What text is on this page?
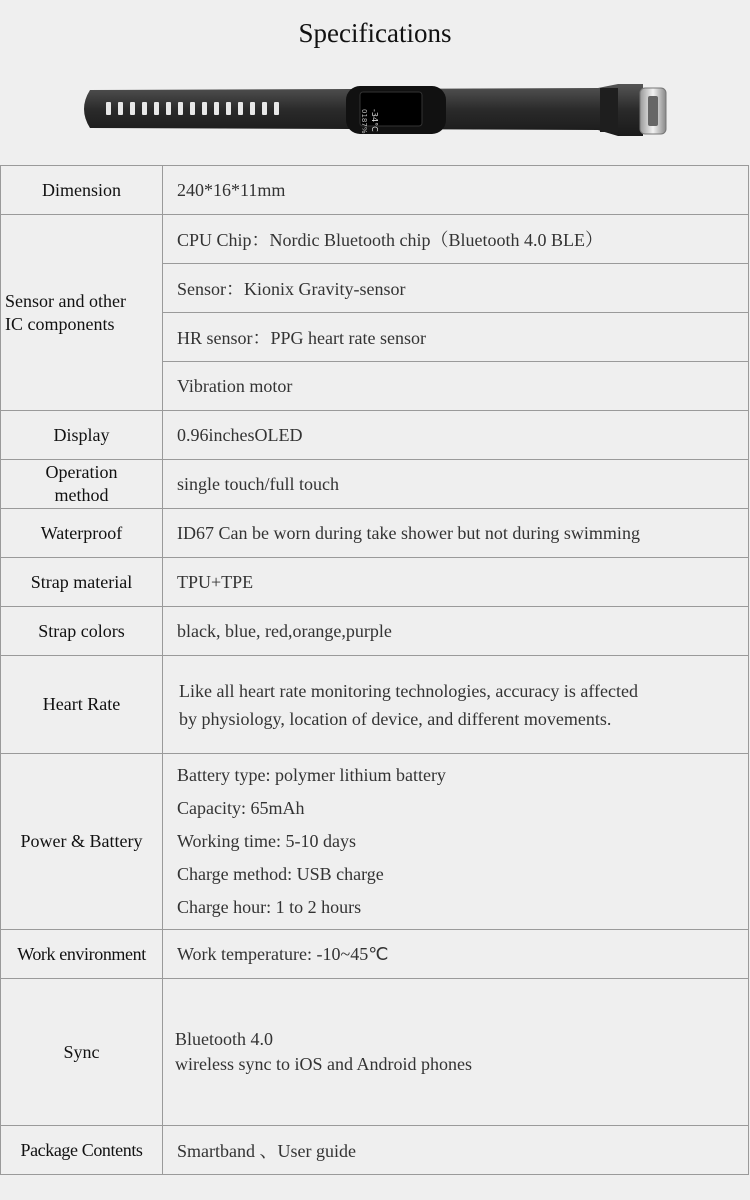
Specifications
-34°C
0187%
Dimension	240*16*11mm

Sensor and other
IC components	CPU Chip：Nordic Bluetooth chip（Bluetooth 4.0 BLE）
	Sensor：Kionix Gravity-sensor
	HR sensor：PPG heart rate sensor
	Vibration motor
Display	0.96inchesOLED

Operation
method	single touch/full touch
Waterproof	ID67 Can be worn during take shower but not during swimming
Strap material	TPU+TPE
Strap colors	black, blue, red,orange,purple
Heart Rate	Like all heart rate monitoring technologies, accuracy is affected
by physiology, location of device, and different movements.

Power & Battery	Battery type: polymer lithium battery
Capacity: 65mAh
Working time: 5-10 days
Charge method: USB charge
Charge hour: 1 to 2 hours

Work environment	Work temperature: -10~45℃
Sync	Bluetooth 4.0
wireless sync to iOS and Android phones

Package Contents	Smartband 、User guide
